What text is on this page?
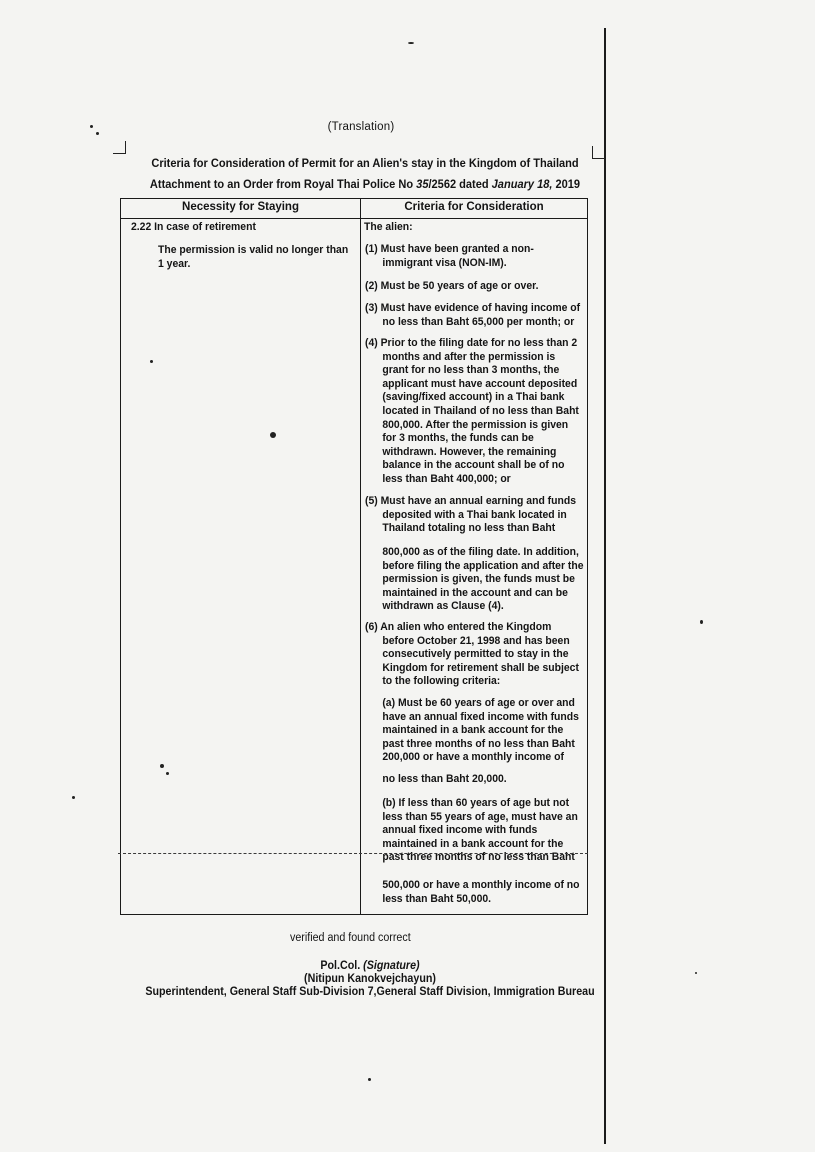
(Translation)
Criteria for Consideration of Permit for an Alien's stay in the Kingdom of Thailand
Attachment to an Order from Royal Thai Police No 35/2562 dated January 18, 2019
Necessity for Staying	Criteria for Consideration
2.22 In case of retirement
The permission is valid no longer than
1 year.
The alien:
(1) Must have been granted a non-
immigrant visa (NON-IM).
(2) Must be 50 years of age or over.
(3) Must have evidence of having income of
no less than Baht 65,000 per month; or
(4) Prior to the filing date for no less than 2
months and after the permission is
grant for no less than 3 months, the
applicant must have account deposited
(saving/fixed account) in a Thai bank
located in Thailand of no less than Baht
800,000. After the permission is given
for 3 months, the funds can be
withdrawn. However, the remaining
balance in the account shall be of no
less than Baht 400,000; or
(5) Must have an annual earning and funds
deposited with a Thai bank located in
Thailand totaling no less than Baht
800,000 as of the filing date. In addition,
before filing the application and after the
permission is given, the funds must be
maintained in the account and can be
withdrawn as Clause (4).
(6) An alien who entered the Kingdom
before October 21, 1998 and has been
consecutively permitted to stay in the
Kingdom for retirement shall be subject
to the following criteria:
(a) Must be 60 years of age or over and
have an annual fixed income with funds
maintained in a bank account for the
past three months of no less than Baht
200,000 or have a monthly income of
no less than Baht 20,000.
(b) If less than 60 years of age but not
less than 55 years of age, must have an
annual fixed income with funds
maintained in a bank account for the
past three months of no less than Baht
500,000 or have a monthly income of no
less than Baht 50,000.
verified and found correct
Pol.Col. (Signature)
(Nitipun Kanokvejchayun)
Superintendent, General Staff Sub-Division 7,General Staff Division, Immigration Bureau
